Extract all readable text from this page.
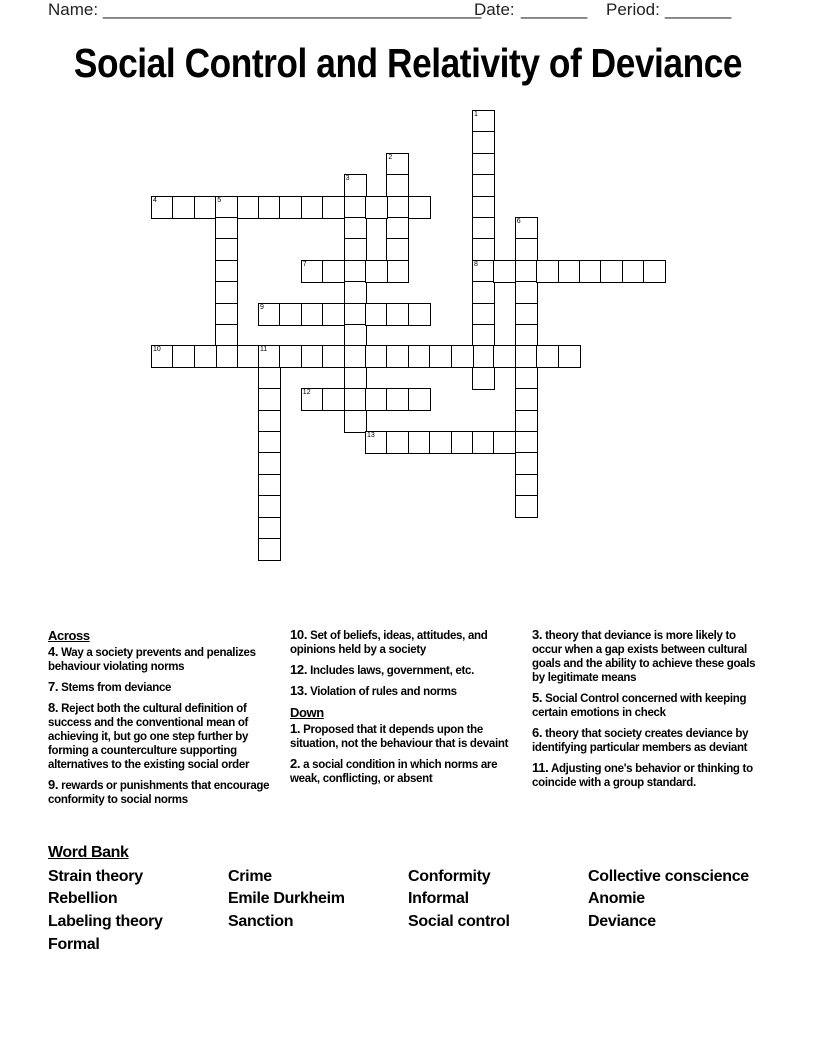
Name: ________________________________________
Date: _______ Period: _______
Social Control and Relativity of Deviance
1
8
2
3
4	5
6
7
9
10	11
12
13
Across
4. Way a society prevents and penalizes behaviour violating norms
7. Stems from deviance
8. Reject both the cultural definition of success and the conventional mean of achieving it, but go one step further by forming a counterculture supporting alternatives to the existing social order
9. rewards or punishments that encourage conformity to social norms
10. Set of beliefs, ideas, attitudes, and opinions held by a society
12. Includes laws, government, etc.
13. Violation of rules and norms
Down
1. Proposed that it depends upon the situation, not the behaviour that is devaint
2. a social condition in which norms are weak, conflicting, or absent
3. theory that deviance is more likely to occur when a gap exists between cultural goals and the ability to achieve these goals by legitimate means
5. Social Control concerned with keeping certain emotions in check
6. theory that society creates deviance by identifying particular members as deviant
11. Adjusting one's behavior or thinking to coincide with a group standard.
Word Bank
Strain theory	Crime	Conformity	Collective conscience
Rebellion	Emile Durkheim	Informal	Anomie
Labeling theory	Sanction	Social control	Deviance
Formal
